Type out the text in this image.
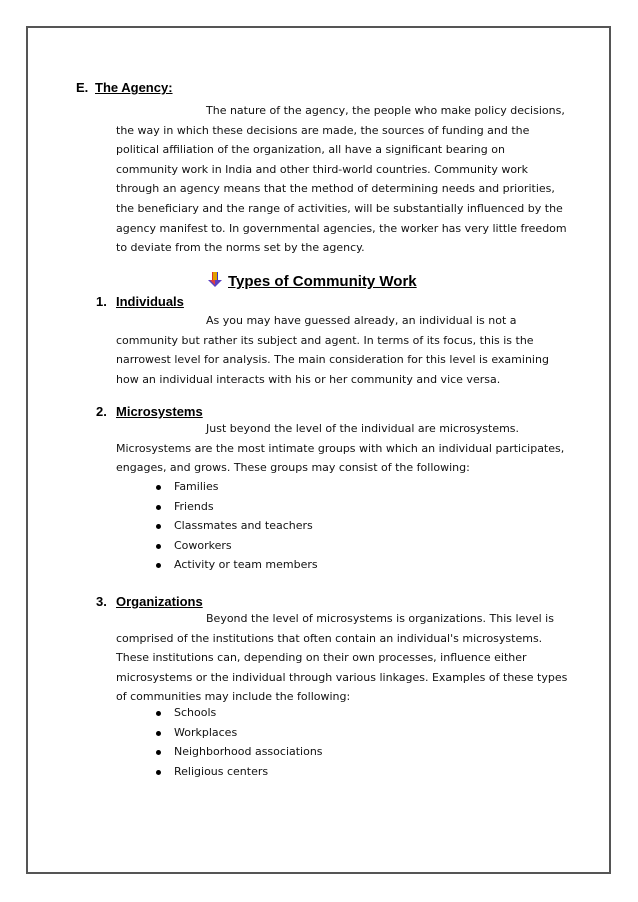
E. The Agency:

The nature of the agency, the people who make policy decisions, the way in which these decisions are made, the sources of funding and the political affiliation of the organization, all have a significant bearing on community work in India and other third-world countries. Community work through an agency means that the method of determining needs and priorities, the beneficiary and the range of activities, will be substantially influenced by the agency manifest to. In governmental agencies, the worker has very little freedom to deviate from the norms set by the agency.

Types of Community Work
1. Individuals

As you may have guessed already, an individual is not a community but rather its subject and agent. In terms of its focus, this is the narrowest level for analysis. The main consideration for this level is examining how an individual interacts with his or her community and vice versa.

2. Microsystems

Just beyond the level of the individual are microsystems. Microsystems are the most intimate groups with which an individual participates, engages, and grows. These groups may consist of the following:

Families
Friends
Classmates and teachers
Coworkers
Activity or team members
3. Organizations

Beyond the level of microsystems is organizations. This level is comprised of the institutions that often contain an individual's microsystems. These institutions can, depending on their own processes, influence either microsystems or the individual through various linkages. Examples of these types of communities may include the following:

Schools
Workplaces
Neighborhood associations
Religious centers
